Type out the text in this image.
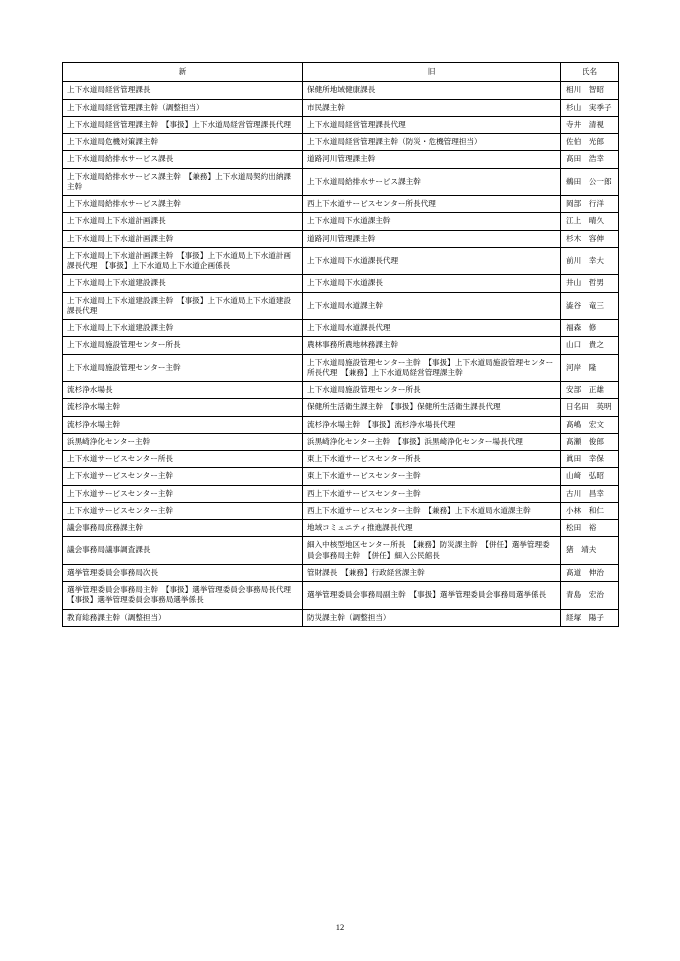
新	旧	氏名
上下水道局経営管理課長	保健所地域健康課長	相川　智昭
上下水道局経営管理課主幹（調整担当）	市民課主幹	杉山　実季子
上下水道局経営管理課主幹　【事扱】上下水道局経営管理課長代理	上下水道局経営管理課長代理	寺井　清視
上下水道局危機対策課主幹	上下水道局経営管理課主幹（防災・危機管理担当）	佐伯　光郎
上下水道局給排水サービス課長	道路河川管理課主幹	髙田　浩幸
上下水道局給排水サービス課主幹　【兼務】上下水道局契約出納課主幹	上下水道局給排水サービス課主幹	鵜田　公一郎
上下水道局給排水サービス課主幹	西上下水道サービスセンター所長代理	岡部　行洋
上下水道局上下水道計画課長	上下水道局下水道課主幹	江上　晴久
上下水道局上下水道計画課主幹	道路河川管理課主幹	杉木　容伸
上下水道局上下水道計画課主幹　【事扱】上下水道局上下水道計画課長代理　【事扱】上下水道局上下水道企画係長	上下水道局下水道課長代理	前川　幸大
上下水道局上下水道建設課長	上下水道局下水道課長	井山　哲男
上下水道局上下水道建設課主幹　【事扱】上下水道局上下水道建設課長代理	上下水道局水道課主幹	澁谷　竜三
上下水道局上下水道建設課主幹	上下水道局水道課長代理	福森　修
上下水道局施設管理センター所長	農林事務所農地林務課主幹	山口　貴之
上下水道局施設管理センター主幹	上下水道局施設管理センター主幹　【事扱】上下水道局施設管理センター所長代理　【兼務】上下水道局経営管理課主幹	河岸　隆
流杉浄水場長	上下水道局施設管理センター所長	安部　正雄
流杉浄水場主幹	保健所生活衛生課主幹　【事扱】保健所生活衛生課長代理	日名田　英明
流杉浄水場主幹	流杉浄水場主幹　【事扱】流杉浄水場長代理	髙嶋　宏文
浜黒崎浄化センター主幹	浜黒崎浄化センター主幹　【事扱】浜黒崎浄化センター場長代理	髙瀬　俊郎
上下水道サービスセンター所長	東上下水道サービスセンター所長	眞田　幸保
上下水道サービスセンター主幹	東上下水道サービスセンター主幹	山﨑　弘昭
上下水道サービスセンター主幹	西上下水道サービスセンター主幹	古川　昌幸
上下水道サービスセンター主幹	西上下水道サービスセンター主幹　【兼務】上下水道局水道課主幹	小林　和仁
議会事務局庶務課主幹	地域コミュニティ推進課長代理	松田　裕
議会事務局議事調査課長	細入中核型地区センター所長　【兼務】防災課主幹　【併任】選挙管理委員会事務局主幹　【併任】細入公民館長	猪　靖夫
選挙管理委員会事務局次長	管財課長　【兼務】行政経営課主幹	髙道　伸治
選挙管理委員会事務局主幹　【事扱】選挙管理委員会事務局長代理　【事扱】選挙管理委員会事務局選挙係長	選挙管理委員会事務局副主幹　【事扱】選挙管理委員会事務局選挙係長	青島　宏治
教育総務課主幹（調整担当）	防災課主幹（調整担当）	経塚　陽子
12
